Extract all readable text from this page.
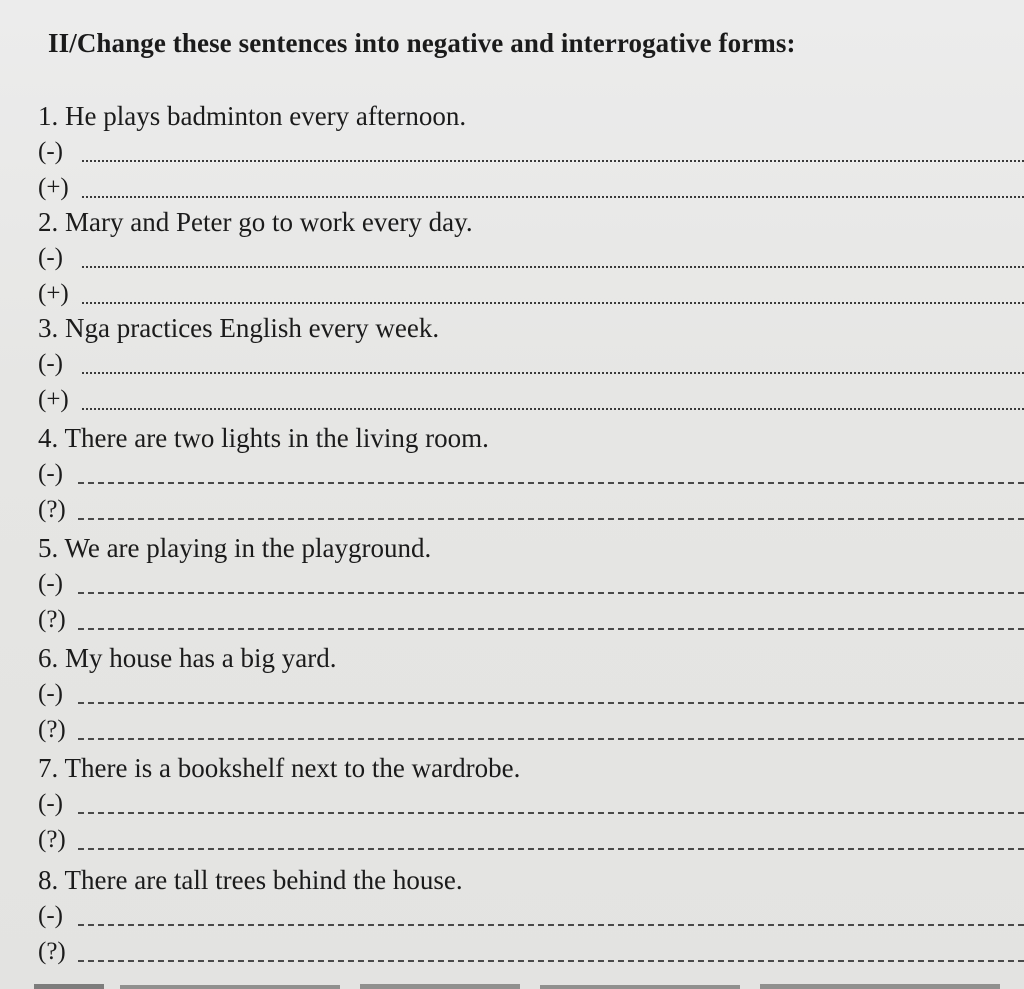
II/Change these sentences into negative and interrogative forms:
1. He plays badminton every afternoon.
(-)
(+)
2. Mary and Peter go to work every day.
(-)
(+)
3. Nga practices English every week.
(-)
(+)
4. There are two lights in the living room.
(-)
(?)
5. We are playing in the playground.
(-)
(?)
6. My house has a big yard.
(-)
(?)
7. There is a bookshelf next to the wardrobe.
(-)
(?)
8. There are tall trees behind the house.
(-)
(?)
